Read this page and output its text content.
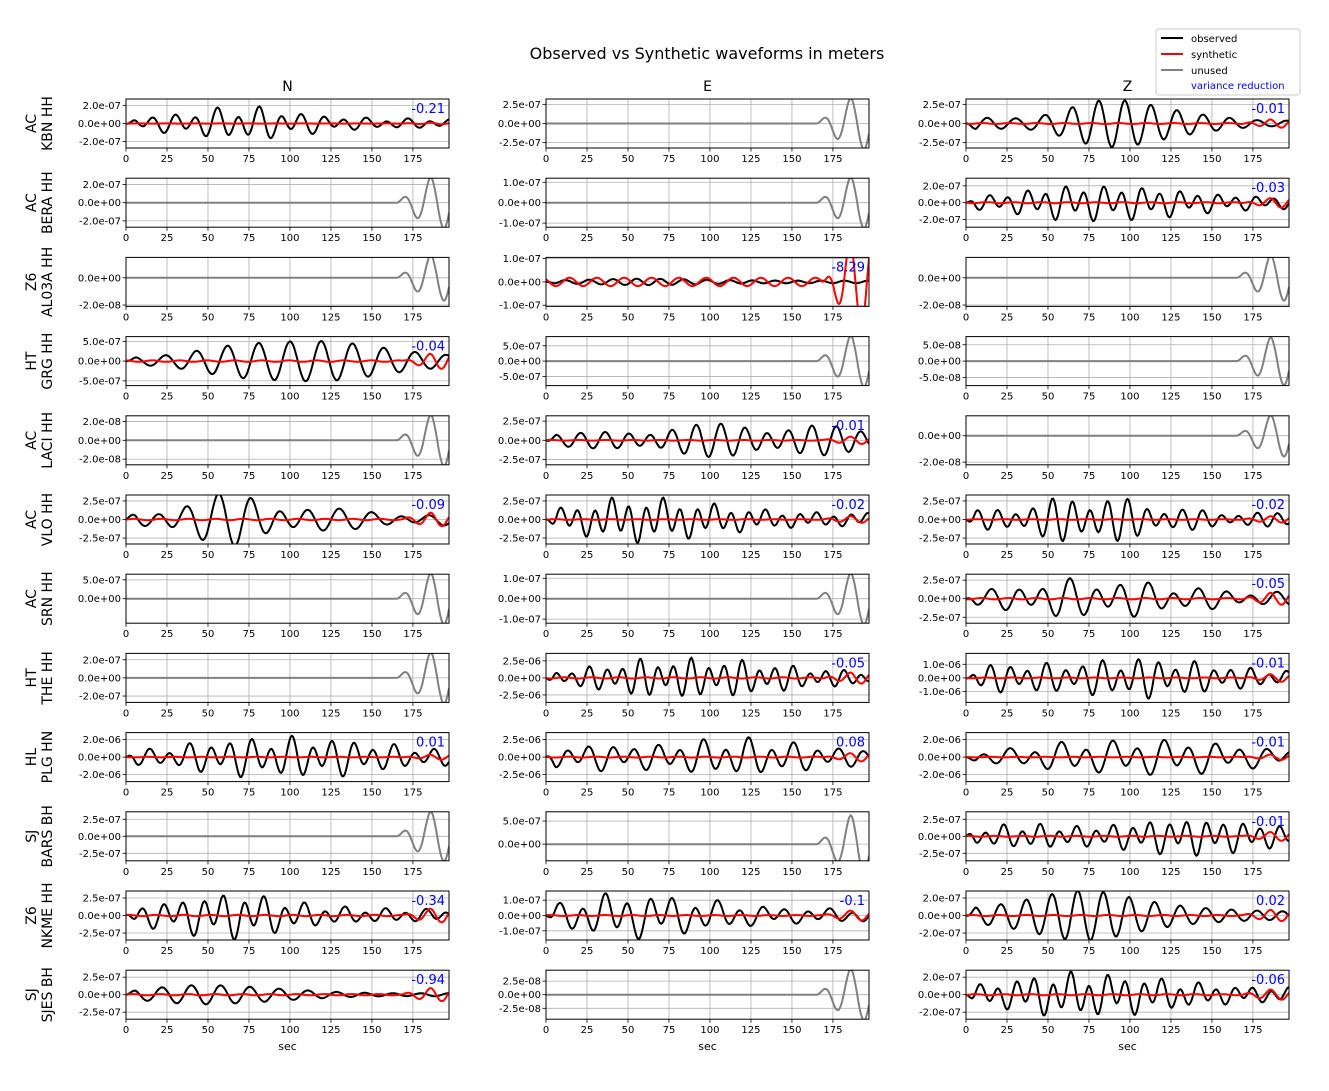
Observed vs Synthetic waveforms in meters
observed
synthetic
unused
variance reduction
N	E	Z
ACKBN HH
0	25	50	75	100 125 150 175
2.0e-07
0.0e+00
-2.0e-07
-0.21
0	25	50	75	100 125 150 175
2.5e-07
0.0e+00
-2.5e-07
0	25	50	75	100 125 150 175
2.5e-07
0.0e+00
-2.5e-07
-0.01
ACBERA HH
0	25	50	75	100 125 150 175
2.0e-07
0.0e+00
-2.0e-07
0	25	50	75	100 125 150 175
1.0e-07
0.0e+00
-1.0e-07
0	25	50	75	100 125 150 175
2.0e-07
0.0e+00
-2.0e-07
-0.03
Z6AL03A HH
0	25	50	75	100 125 150 175
0.0e+00
-2.0e-08
0	25	50	75	100 125 150 175
1.0e-07
0.0e+00
-1.0e-07
-8.29
0	25	50	75	100 125 150 175
0.0e+00
-2.0e-08
HTGRG HH
0	25	50	75	100 125 150 175
5.0e-07
0.0e+00
-5.0e-07
-0.04
0	25	50	75	100 125 150 175
5.0e-07
0.0e+00
-5.0e-07
0	25	50	75	100 125 150 175
5.0e-08
0.0e+00
-5.0e-08
ACLACI HH
0	25	50	75	100 125 150 175
2.0e-08
0.0e+00
-2.0e-08
0	25	50	75	100 125 150 175
2.5e-07
0.0e+00
-2.5e-07
-0.01
0	25	50	75	100 125 150 175
0.0e+00
-2.0e-08
ACVLO HH
0	25	50	75	100 125 150 175
2.5e-07
0.0e+00
-2.5e-07
-0.09
0	25	50	75	100 125 150 175
2.5e-07
0.0e+00
-2.5e-07
-0.02
0	25	50	75	100 125 150 175
2.5e-07
0.0e+00
-2.5e-07
-0.02
ACSRN HH
0	25	50	75	100 125 150 175
5.0e-07
0.0e+00
0	25	50	75	100 125 150 175
1.0e-07
0.0e+00
-1.0e-07
0	25	50	75	100 125 150 175
2.5e-07
0.0e+00
-2.5e-07
-0.05
HTTHE HH
0	25	50	75	100 125 150 175
2.0e-07
0.0e+00
-2.0e-07
0	25	50	75	100 125 150 175
2.5e-06
0.0e+00
-2.5e-06
-0.05
0	25	50	75	100 125 150 175
1.0e-06
0.0e+00
-1.0e-06
-0.01
HLPLG HN
0	25	50	75	100 125 150 175
2.0e-06
0.0e+00
-2.0e-06
0.01
0	25	50	75	100 125 150 175
2.5e-06
0.0e+00
-2.5e-06
0.08
0	25	50	75	100 125 150 175
2.0e-06
0.0e+00
-2.0e-06
-0.01
SJBARS BH
0	25	50	75	100 125 150 175
2.5e-07
0.0e+00
-2.5e-07
0	25	50	75	100 125 150 175
5.0e-07
0.0e+00
0	25	50	75	100 125 150 175
2.5e-07
0.0e+00
-2.5e-07
-0.01
Z6NKME HH
0	25	50	75	100 125 150 175
2.5e-07
0.0e+00
-2.5e-07
-0.34
0	25	50	75	100 125 150 175
1.0e-07
0.0e+00
-1.0e-07
-0.1
0	25	50	75	100 125 150 175
2.0e-07
0.0e+00
-2.0e-07
0.02
SJSJES BH
0	25	50	75	100 125 150 175
2.5e-07
0.0e+00
-2.5e-07
-0.94
sec
0	25	50	75	100 125 150 175
2.5e-08
0.0e+00
-2.5e-08
sec
0	25	50	75	100 125 150 175
2.0e-07
0.0e+00
-2.0e-07
-0.06
sec
